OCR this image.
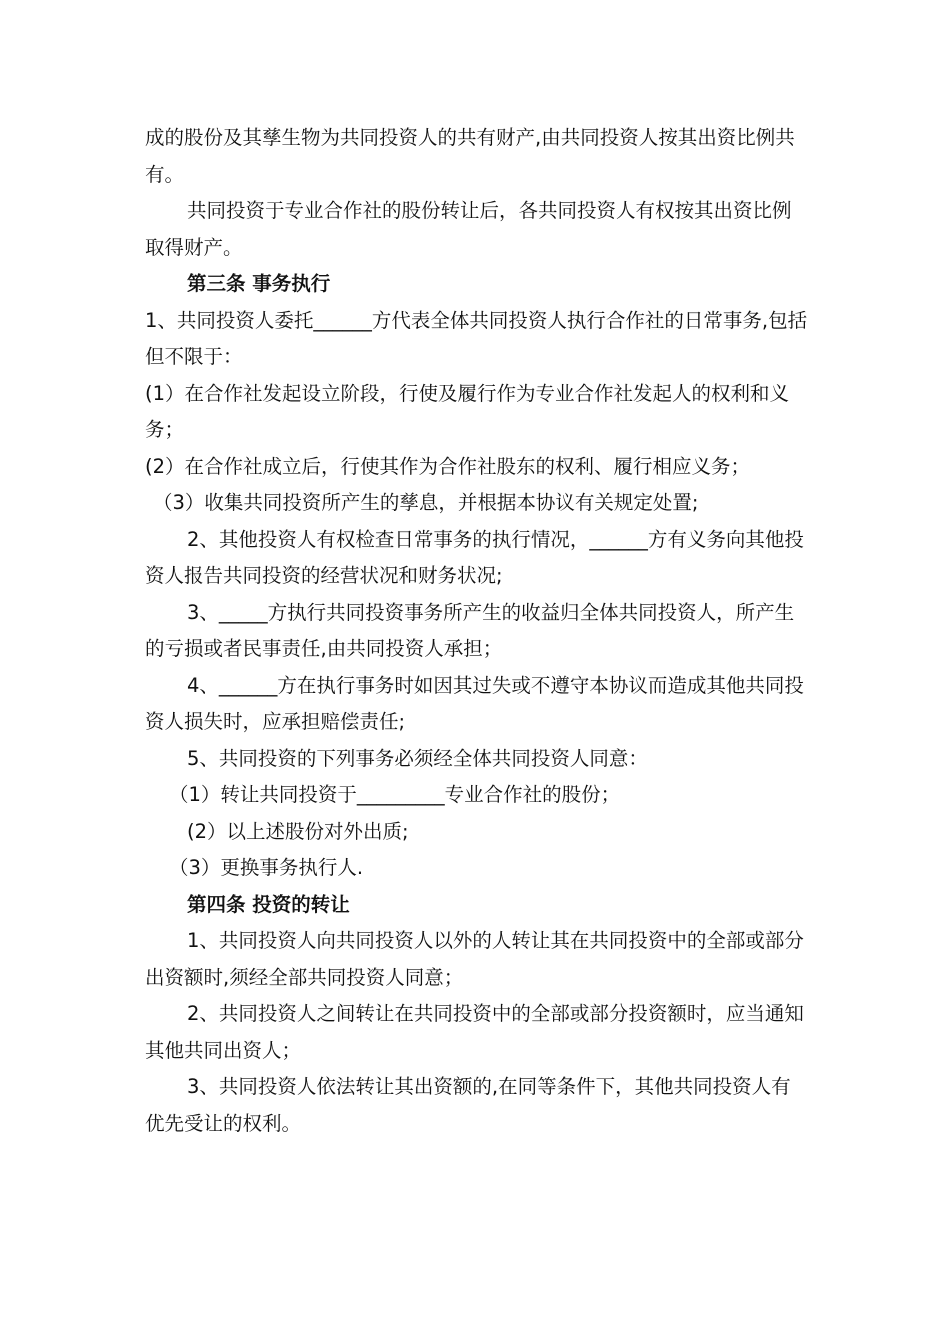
成的股份及其孳生物为共同投资人的共有财产,由共同投资人按其出资比例共有。

共同投资于专业合作社的股份转让后，各共同投资人有权按其出资比例取得财产。

第三条 事务执行

1、共同投资人委托______方代表全体共同投资人执行合作社的日常事务,包括但不限于：

(1）在合作社发起设立阶段，行使及履行作为专业合作社发起人的权利和义务；

(2）在合作社成立后，行使其作为合作社股东的权利、履行相应义务；

（3）收集共同投资所产生的孳息，并根据本协议有关规定处置;

2、其他投资人有权检查日常事务的执行情况，______方有义务向其他投资人报告共同投资的经营状况和财务状况;

3、_____方执行共同投资事务所产生的收益归全体共同投资人，所产生的亏损或者民事责任,由共同投资人承担；

4、______方在执行事务时如因其过失或不遵守本协议而造成其他共同投资人损失时，应承担赔偿责任;

5、共同投资的下列事务必须经全体共同投资人同意：

（1）转让共同投资于_________专业合作社的股份；

(2）以上述股份对外出质;

（3）更换事务执行人.

第四条 投资的转让

1、共同投资人向共同投资人以外的人转让其在共同投资中的全部或部分出资额时,须经全部共同投资人同意；

2、共同投资人之间转让在共同投资中的全部或部分投资额时，应当通知其他共同出资人；

3、共同投资人依法转让其出资额的,在同等条件下，其他共同投资人有优先受让的权利。
